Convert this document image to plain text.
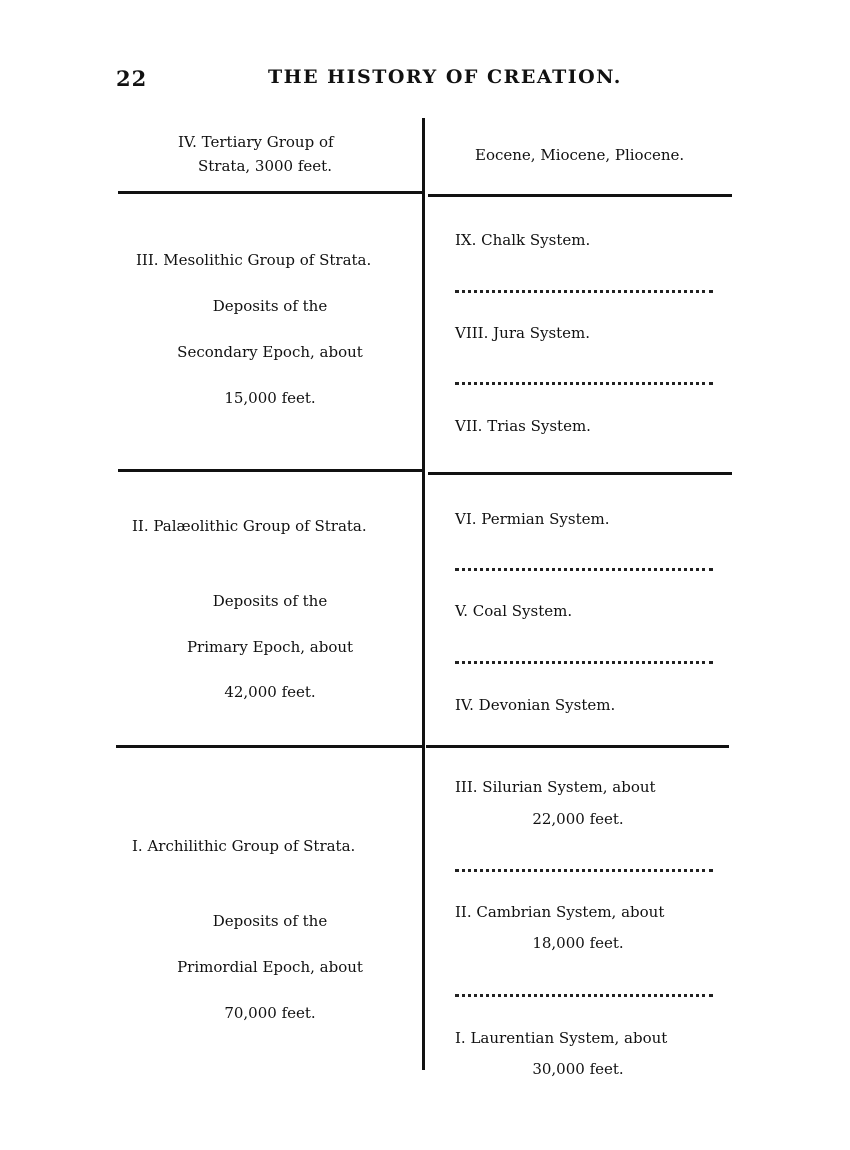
22	THE HISTORY OF CREATION.
IV. Tertiary Group of
Strata, 3000 feet.
Eocene, Miocene, Pliocene.
III. Mesolithic Group of Strata.
Deposits of the
Secondary Epoch, about
15,000 feet.
IX. Chalk System.
VIII. Jura System.
VII. Trias System.
II. Palæolithic Group of Strata.
Deposits of the
Primary Epoch, about
42,000 feet.
VI. Permian System.
V. Coal System.
IV. Devonian System.
I. Archilithic Group of Strata.
Deposits of the
Primordial Epoch, about
70,000 feet.
III. Silurian System, about
22,000 feet.
II. Cambrian System, about
18,000 feet.
I. Laurentian System, about
30,000 feet.
